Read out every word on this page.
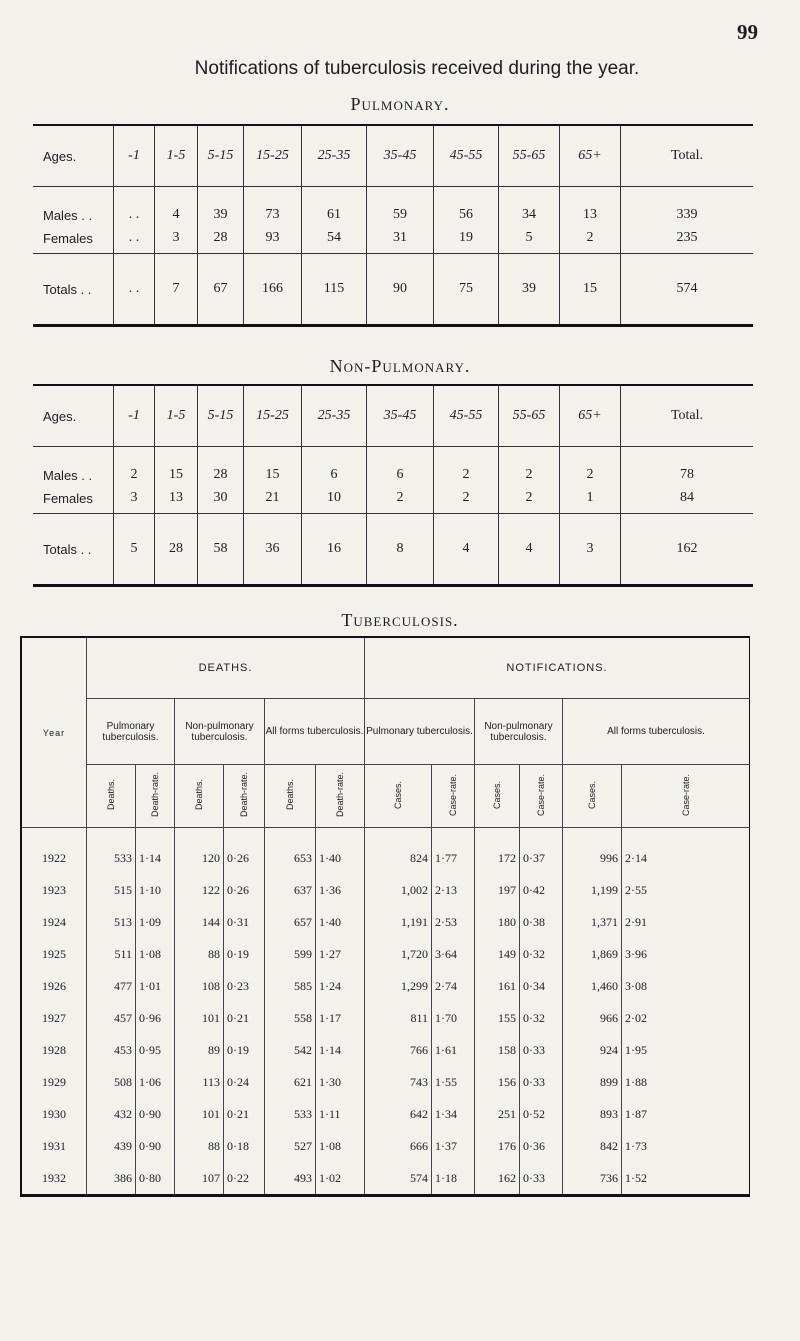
99
Notifications of tuberculosis received during the year.
Pulmonary.
Ages.	-1	1-5	5-15	15-25	25-35	35-45	45-55	55-65	65+	Total.
Males . .	. .	4	39	73	61	59	56	34	13	339
Females	. .	3	28	93	54	31	19	5	2	235
Totals . .	. .	7	67	166	115	90	75	39	15	574
Non-Pulmonary.
Ages.	-1	1-5	5-15	15-25	25-35	35-45	45-55	55-65	65+	Total.
Males . .	2	15	28	15	6	6	2	2	2	78
Females	3	13	30	21	10	2	2	2	1	84
Totals . .	5	28	58	36	16	8	4	4	3	162
Tuberculosis.
Year	DEATHS.						NOTIFICATIONS.					
	Pulmonary tuberculosis.		Non-pulmonary tuberculosis.		All forms tuberculosis.		Pulmonary tuberculosis.		Non-pulmonary tuberculosis.		All forms tuberculosis.	
	Deaths.	Death-rate.	Deaths.	Death-rate.	Deaths.	Death-rate.	Cases.	Case-rate.	Cases.	Case-rate.	Cases.	Case-rate.
1922	533	1·14	120	0·26	653	1·40	824	1·77	172	0·37	996	2·14
1923	515	1·10	122	0·26	637	1·36	1,002	2·13	197	0·42	1,199	2·55
1924	513	1·09	144	0·31	657	1·40	1,191	2·53	180	0·38	1,371	2·91
1925	511	1·08	88	0·19	599	1·27	1,720	3·64	149	0·32	1,869	3·96
1926	477	1·01	108	0·23	585	1·24	1,299	2·74	161	0·34	1,460	3·08
1927	457	0·96	101	0·21	558	1·17	811	1·70	155	0·32	966	2·02
1928	453	0·95	89	0·19	542	1·14	766	1·61	158	0·33	924	1·95
1929	508	1·06	113	0·24	621	1·30	743	1·55	156	0·33	899	1·88
1930	432	0·90	101	0·21	533	1·11	642	1·34	251	0·52	893	1·87
1931	439	0·90	88	0·18	527	1·08	666	1·37	176	0·36	842	1·73
1932	386	0·80	107	0·22	493	1·02	574	1·18	162	0·33	736	1·52
